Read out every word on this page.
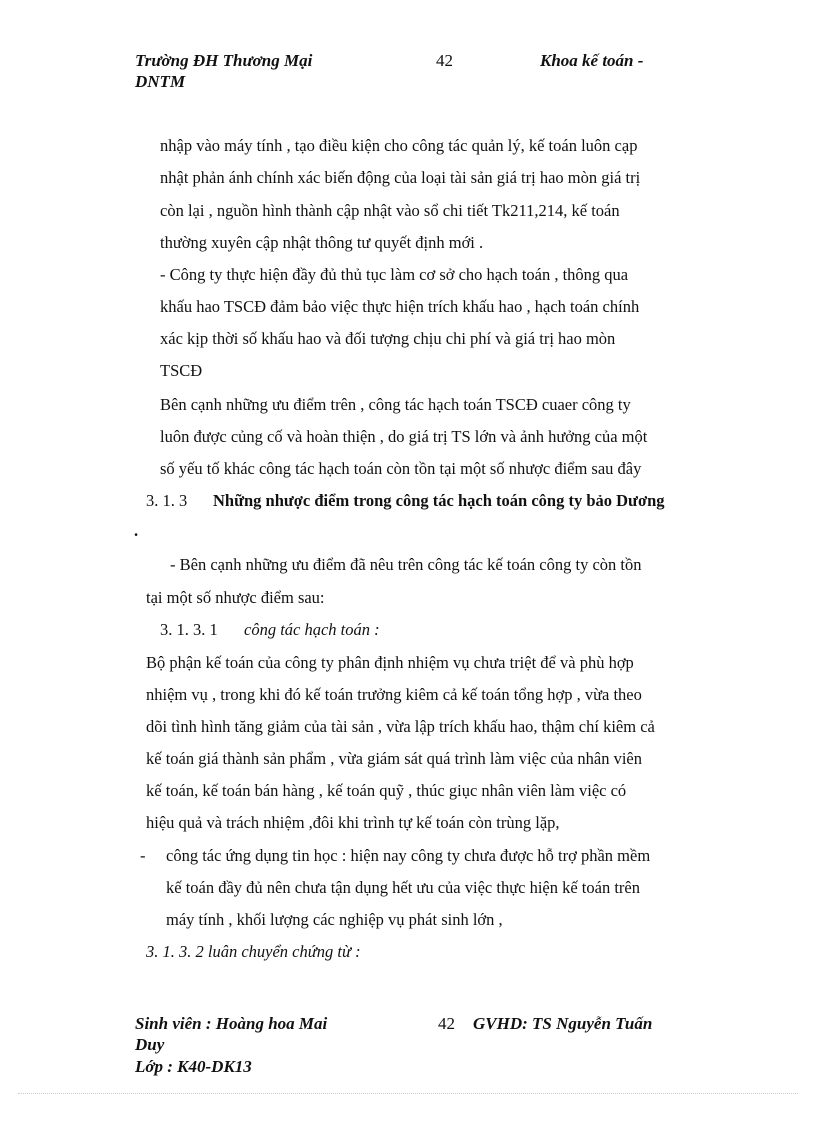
Trường ĐH Thương Mại
DNTM
42	Khoa kế toán -
nhập vào máy tính , tạo điều kiện cho công tác quản lý, kế toán luôn cạp
nhật phản ánh chính xác biến động của loại tài sản giá trị hao mòn giá trị
còn lại , nguồn hình thành cập nhật vào sổ chi tiết Tk211,214, kế toán
thường xuyên cập nhật thông tư quyết định mới .
- Công ty thực hiện đầy đủ thủ tục làm cơ sở cho hạch toán , thông qua
khấu hao TSCĐ đảm bảo việc thực hiện trích khấu hao , hạch toán chính
xác kịp thời số khấu hao và đối tượng chịu chi phí và giá trị hao mòn
TSCĐ
Bên cạnh những ưu điểm trên , công tác hạch toán TSCĐ cuaer công ty
luôn được củng cố và hoàn thiện , do giá trị TS lớn và ảnh hưởng của một
số yếu tố khác công tác hạch toán còn tồn tại một số nhược điểm sau đây
3. 1. 3 Những nhược điểm trong công tác hạch toán công ty bảo Dương
.
- Bên cạnh những ưu điểm đã nêu trên công tác kế toán công ty còn tồn
tại một số nhược điểm sau:
3. 1. 3. 1 công tác hạch toán :
Bộ phận kế toán của công ty phân định nhiệm vụ chưa triệt để và phù hợp
nhiệm vụ , trong khi đó kế toán trưởng kiêm cả kế toán tổng hợp , vừa theo
dõi tình hình tăng giảm của tài sản , vừa lập trích khấu hao, thậm chí kiêm cả
kế toán giá thành sản phẩm , vừa giám sát quá trình làm việc của nhân viên
kế toán, kế toán bán hàng , kế toán quỹ , thúc giục nhân viên làm việc có
hiệu quả và trách nhiệm ,đôi khi trình tự kế toán còn trùng lặp,
- công tác ứng dụng tin học : hiện nay công ty chưa được hỗ trợ phần mềm
kế toán đầy đủ nên chưa tận dụng hết ưu của việc thực hiện kế toán trên
máy tính , khối lượng các nghiệp vụ phát sinh lớn ,
3. 1. 3. 2 luân chuyển chứng từ :
Sinh viên : Hoàng hoa Mai
Duy
Lớp : K40-DK13
42 GVHD: TS Nguyễn Tuấn
